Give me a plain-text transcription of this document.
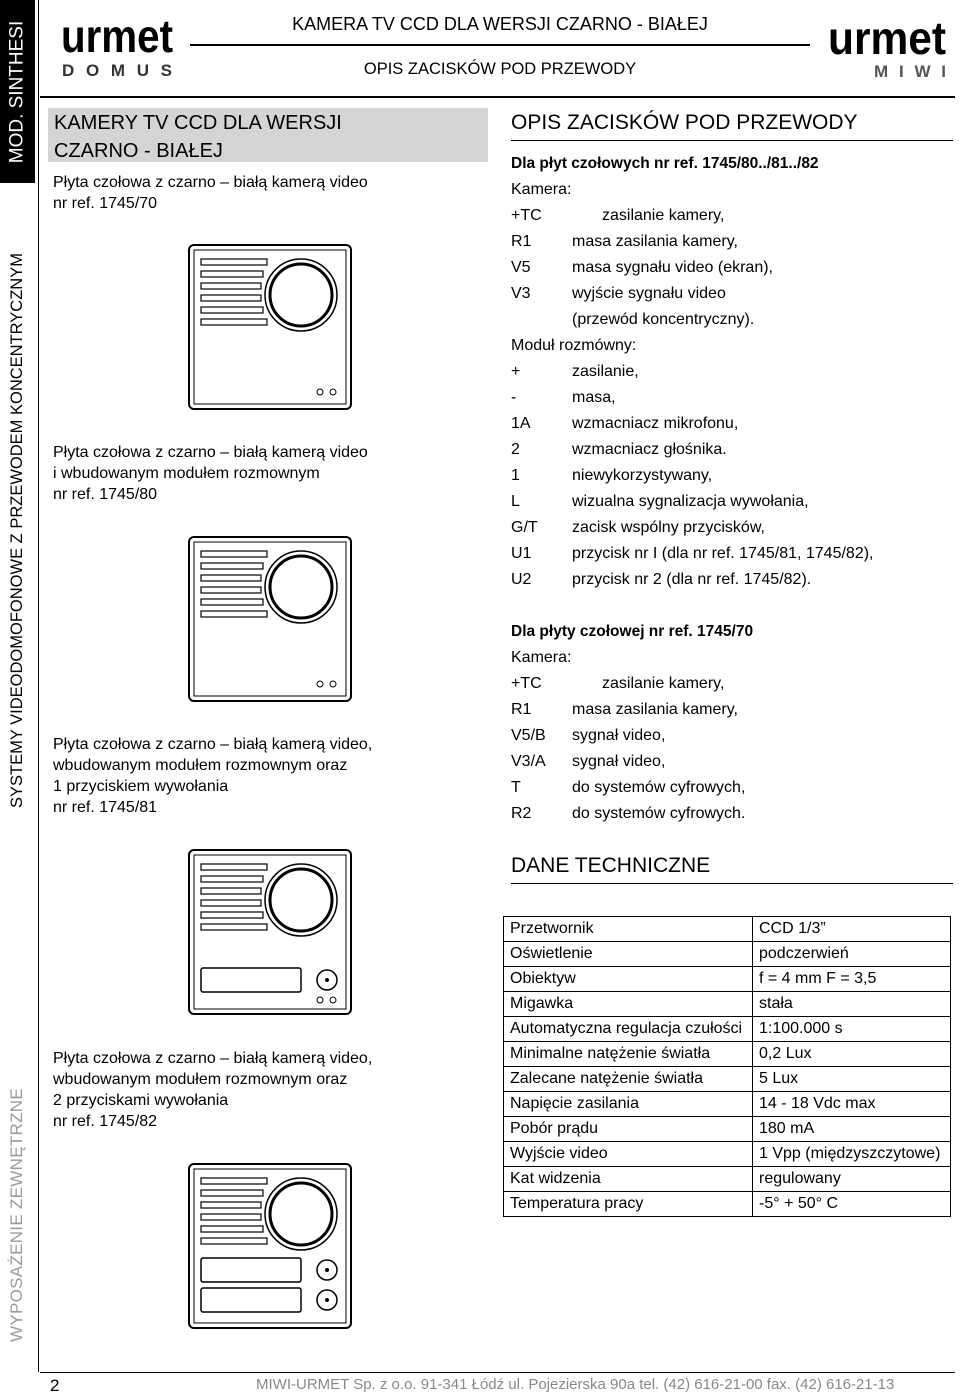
MOD. SINTHESI
SYSTEMY VIDEODOMOFONOWE Z PRZEWODEM KONCENTRYCZNYM
WYPOSAŻENIE ZEWNĘTRZNE
urmet
DOMUS
KAMERA TV CCD DLA WERSJI CZARNO - BIAŁEJ
OPIS ZACISKÓW POD PRZEWODY
urmet
MIWI
KAMERY TV CCD DLA WERSJI
CZARNO - BIAŁEJ

Płyta czołowa z czarno – białą kamerą video

nr ref. 1745/70

Płyta czołowa z czarno – białą kamerą video

i wbudowanym modułem rozmownym

nr ref. 1745/80

Płyta czołowa z czarno – białą kamerą video,

wbudowanym modułem rozmownym oraz

1 przyciskiem wywołania

nr ref. 1745/81

Płyta czołowa z czarno – białą kamerą video,

wbudowanym modułem rozmownym oraz

2 przyciskami wywołania

nr ref. 1745/82

OPIS ZACISKÓW POD PRZEWODY
Dla płyt czołowych nr ref. 1745/80../81../82
Kamera:
+TC	zasilanie kamery,
R1	masa zasilania kamery,
V5	masa sygnału video (ekran),
V3	wyjście sygnału video
(przewód koncentryczny).
Moduł rozmówny:
+	zasilanie,
-	masa,
1A	wzmacniacz mikrofonu,
2	wzmacniacz głośnika.
1	niewykorzystywany,
L	wizualna sygnalizacja wywołania,
G/T	zacisk wspólny przycisków,
U1	przycisk nr I (dla nr ref. 1745/81, 1745/82),
U2	przycisk nr 2 (dla nr ref. 1745/82).
Dla płyty czołowej nr ref. 1745/70
Kamera:
+TC	zasilanie kamery,
R1	masa zasilania kamery,
V5/B	sygnał video,
V3/A	sygnał video,
T	do systemów cyfrowych,
R2	do systemów cyfrowych.
DANE TECHNICZNE
Przetwornik	CCD 1/3”
Oświetlenie	podczerwień
Obiektyw	f = 4 mm F = 3,5
Migawka	stała
Automatyczna regulacja czułości	1:100.000 s
Minimalne natężenie światła	0,2 Lux
Zalecane natężenie światła	5 Lux
Napięcie zasilania	14 - 18 Vdc max
Pobór prądu	180 mA
Wyjście video	1 Vpp (międzyszczytowe)
Kat widzenia	regulowany
Temperatura pracy	-5° + 50° C
2	MIWI-URMET Sp. z o.o. 91-341 Łódź ul. Pojezierska 90a tel. (42) 616-21-00 fax. (42) 616-21-13
